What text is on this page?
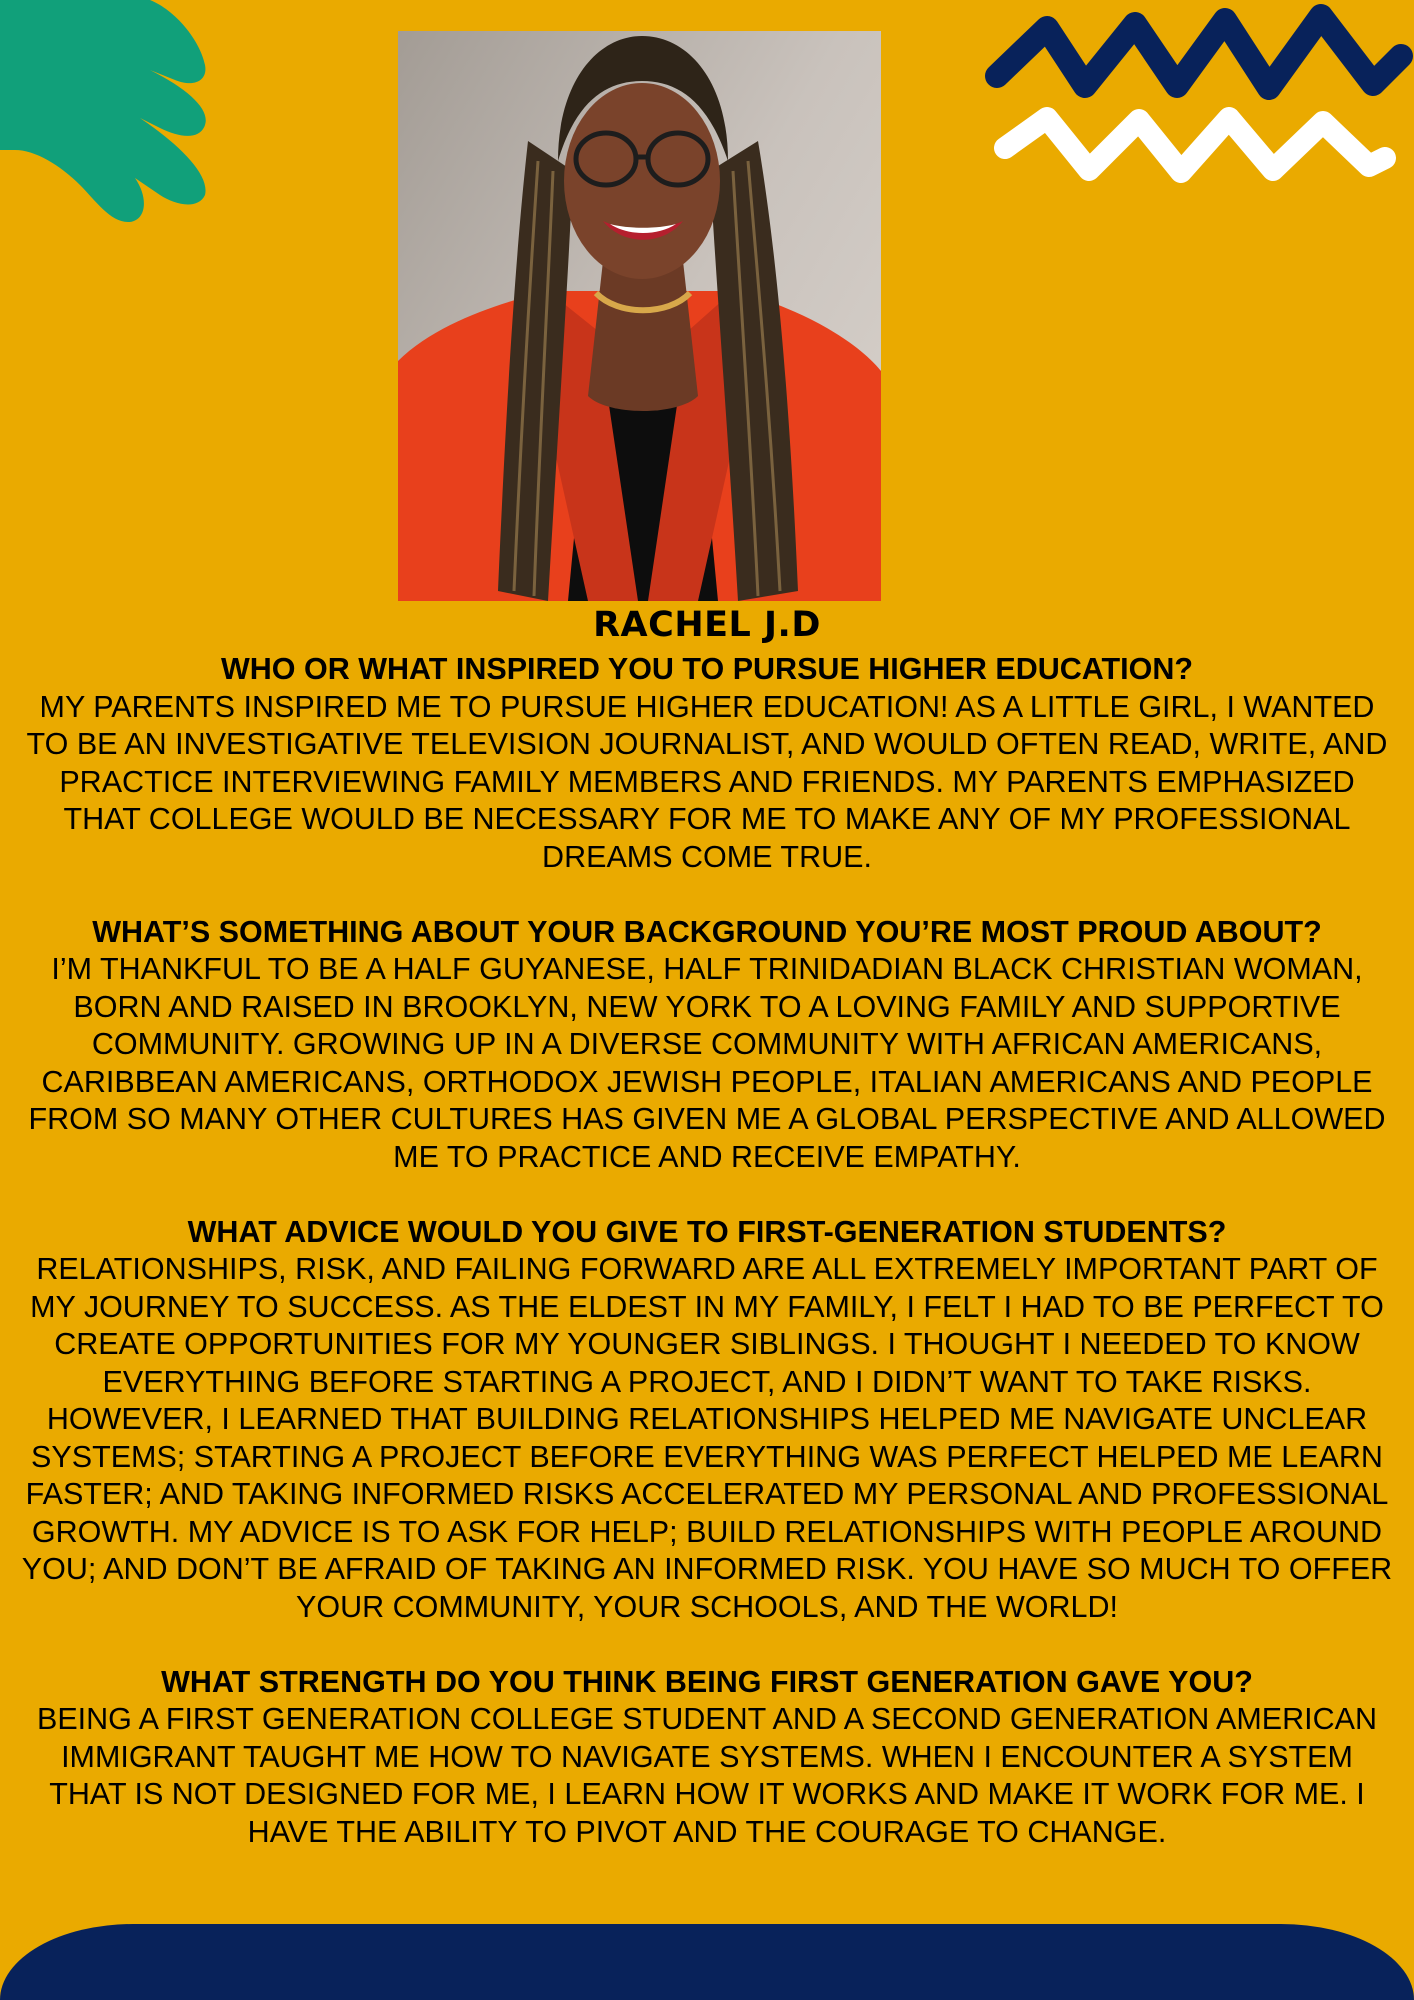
RACHEL J.D

WHO OR WHAT INSPIRED YOU TO PURSUE HIGHER EDUCATION?

MY PARENTS INSPIRED ME TO PURSUE HIGHER EDUCATION! AS A LITTLE GIRL, I WANTED TO BE AN INVESTIGATIVE TELEVISION JOURNALIST, AND WOULD OFTEN READ, WRITE, AND PRACTICE INTERVIEWING FAMILY MEMBERS AND FRIENDS. MY PARENTS EMPHASIZED THAT COLLEGE WOULD BE NECESSARY FOR ME TO MAKE ANY OF MY PROFESSIONAL DREAMS COME TRUE.

WHAT’S SOMETHING ABOUT YOUR BACKGROUND YOU’RE MOST PROUD ABOUT?

I’M THANKFUL TO BE A HALF GUYANESE, HALF TRINIDADIAN BLACK CHRISTIAN WOMAN, BORN AND RAISED IN BROOKLYN, NEW YORK TO A LOVING FAMILY AND SUPPORTIVE COMMUNITY. GROWING UP IN A DIVERSE COMMUNITY WITH AFRICAN AMERICANS, CARIBBEAN AMERICANS, ORTHODOX JEWISH PEOPLE, ITALIAN AMERICANS AND PEOPLE FROM SO MANY OTHER CULTURES HAS GIVEN ME A GLOBAL PERSPECTIVE AND ALLOWED ME TO PRACTICE AND RECEIVE EMPATHY.

WHAT ADVICE WOULD YOU GIVE TO FIRST-GENERATION STUDENTS?

RELATIONSHIPS, RISK, AND FAILING FORWARD ARE ALL EXTREMELY IMPORTANT PART OF MY JOURNEY TO SUCCESS. AS THE ELDEST IN MY FAMILY, I FELT I HAD TO BE PERFECT TO CREATE OPPORTUNITIES FOR MY YOUNGER SIBLINGS. I THOUGHT I NEEDED TO KNOW EVERYTHING BEFORE STARTING A PROJECT, AND I DIDN’T WANT TO TAKE RISKS. HOWEVER, I LEARNED THAT BUILDING RELATIONSHIPS HELPED ME NAVIGATE UNCLEAR SYSTEMS; STARTING A PROJECT BEFORE EVERYTHING WAS PERFECT HELPED ME LEARN FASTER; AND TAKING INFORMED RISKS ACCELERATED MY PERSONAL AND PROFESSIONAL GROWTH. MY ADVICE IS TO ASK FOR HELP; BUILD RELATIONSHIPS WITH PEOPLE AROUND YOU; AND DON’T BE AFRAID OF TAKING AN INFORMED RISK. YOU HAVE SO MUCH TO OFFER YOUR COMMUNITY, YOUR SCHOOLS, AND THE WORLD!

WHAT STRENGTH DO YOU THINK BEING FIRST GENERATION GAVE YOU?

BEING A FIRST GENERATION COLLEGE STUDENT AND A SECOND GENERATION AMERICAN IMMIGRANT TAUGHT ME HOW TO NAVIGATE SYSTEMS. WHEN I ENCOUNTER A SYSTEM THAT IS NOT DESIGNED FOR ME, I LEARN HOW IT WORKS AND MAKE IT WORK FOR ME. I HAVE THE ABILITY TO PIVOT AND THE COURAGE TO CHANGE.
